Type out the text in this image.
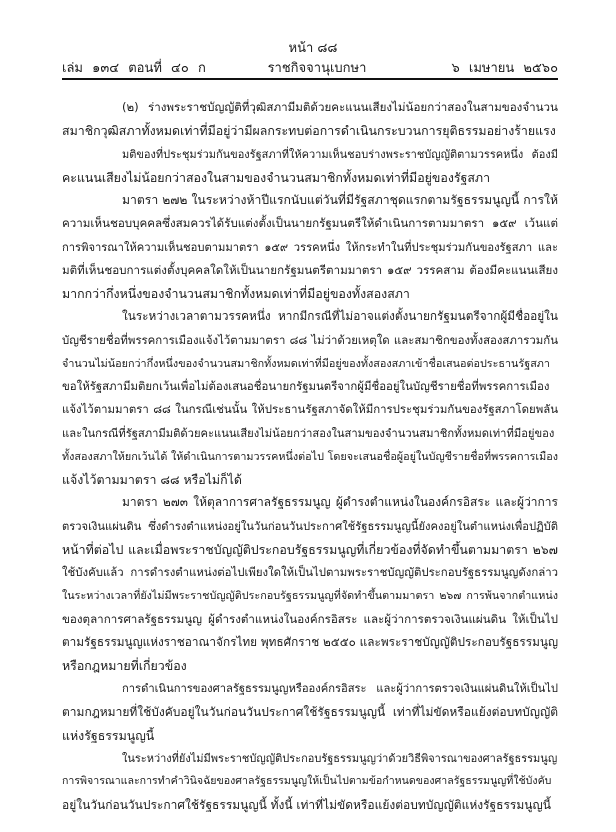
หน้า ๘๘
เล่ม ๑๓๔ ตอนที่ ๔๐ ก	ราชกิจจานุเบกษา	๖ เมษายน ๒๕๖๐
(๒) ร่างพระราชบัญญัติที่วุฒิสภามีมติด้วยคะแนนเสียงไม่น้อยกว่าสองในสามของจำนวน
สมาชิกวุฒิสภาทั้งหมดเท่าที่มีอยู่ว่ามีผลกระทบต่อการดำเนินกระบวนการยุติธรรมอย่างร้ายแรง
มติของที่ประชุมร่วมกันของรัฐสภาที่ให้ความเห็นชอบร่างพระราชบัญญัติตามวรรคหนึ่ง ต้องมี
คะแนนเสียงไม่น้อยกว่าสองในสามของจำนวนสมาชิกทั้งหมดเท่าที่มีอยู่ของรัฐสภา
มาตรา ๒๗๒ ในระหว่างห้าปีแรกนับแต่วันที่มีรัฐสภาชุดแรกตามรัฐธรรมนูญนี้ การให้
ความเห็นชอบบุคคลซึ่งสมควรได้รับแต่งตั้งเป็นนายกรัฐมนตรีให้ดำเนินการตามมาตรา ๑๕๙ เว้นแต่
การพิจารณาให้ความเห็นชอบตามมาตรา ๑๕๙ วรรคหนึ่ง ให้กระทำในที่ประชุมร่วมกันของรัฐสภา และ
มติที่เห็นชอบการแต่งตั้งบุคคลใดให้เป็นนายกรัฐมนตรีตามมาตรา ๑๕๙ วรรคสาม ต้องมีคะแนนเสียง
มากกว่ากึ่งหนึ่งของจำนวนสมาชิกทั้งหมดเท่าที่มีอยู่ของทั้งสองสภา
ในระหว่างเวลาตามวรรคหนึ่ง หากมีกรณีที่ไม่อาจแต่งตั้งนายกรัฐมนตรีจากผู้มีชื่ออยู่ใน
บัญชีรายชื่อที่พรรคการเมืองแจ้งไว้ตามมาตรา ๘๘ ไม่ว่าด้วยเหตุใด และสมาชิกของทั้งสองสภารวมกัน
จำนวนไม่น้อยกว่ากึ่งหนึ่งของจำนวนสมาชิกทั้งหมดเท่าที่มีอยู่ของทั้งสองสภาเข้าชื่อเสนอต่อประธานรัฐสภา
ขอให้รัฐสภามีมติยกเว้นเพื่อไม่ต้องเสนอชื่อนายกรัฐมนตรีจากผู้มีชื่ออยู่ในบัญชีรายชื่อที่พรรคการเมือง
แจ้งไว้ตามมาตรา ๘๘ ในกรณีเช่นนั้น ให้ประธานรัฐสภาจัดให้มีการประชุมร่วมกันของรัฐสภาโดยพลัน
และในกรณีที่รัฐสภามีมติด้วยคะแนนเสียงไม่น้อยกว่าสองในสามของจำนวนสมาชิกทั้งหมดเท่าที่มีอยู่ของ
ทั้งสองสภาให้ยกเว้นได้ ให้ดำเนินการตามวรรคหนึ่งต่อไป โดยจะเสนอชื่อผู้อยู่ในบัญชีรายชื่อที่พรรคการเมือง
แจ้งไว้ตามมาตรา ๘๘ หรือไม่ก็ได้
มาตรา ๒๗๓ ให้ตุลาการศาลรัฐธรรมนูญ ผู้ดำรงตำแหน่งในองค์กรอิสระ และผู้ว่าการ
ตรวจเงินแผ่นดิน ซึ่งดำรงตำแหน่งอยู่ในวันก่อนวันประกาศใช้รัฐธรรมนูญนี้ยังคงอยู่ในตำแหน่งเพื่อปฏิบัติ
หน้าที่ต่อไป และเมื่อพระราชบัญญัติประกอบรัฐธรรมนูญที่เกี่ยวข้องที่จัดทำขึ้นตามมาตรา ๒๖๗
ใช้บังคับแล้ว การดำรงตำแหน่งต่อไปเพียงใดให้เป็นไปตามพระราชบัญญัติประกอบรัฐธรรมนูญดังกล่าว
ในระหว่างเวลาที่ยังไม่มีพระราชบัญญัติประกอบรัฐธรรมนูญที่จัดทำขึ้นตามมาตรา ๒๖๗ การพ้นจากตำแหน่ง
ของตุลาการศาลรัฐธรรมนูญ ผู้ดำรงตำแหน่งในองค์กรอิสระ และผู้ว่าการตรวจเงินแผ่นดิน ให้เป็นไป
ตามรัฐธรรมนูญแห่งราชอาณาจักรไทย พุทธศักราช ๒๕๕๐ และพระราชบัญญัติประกอบรัฐธรรมนูญ
หรือกฎหมายที่เกี่ยวข้อง
การดำเนินการของศาลรัฐธรรมนูญหรือองค์กรอิสระ และผู้ว่าการตรวจเงินแผ่นดินให้เป็นไป
ตามกฎหมายที่ใช้บังคับอยู่ในวันก่อนวันประกาศใช้รัฐธรรมนูญนี้ เท่าที่ไม่ขัดหรือแย้งต่อบทบัญญัติ
แห่งรัฐธรรมนูญนี้
ในระหว่างที่ยังไม่มีพระราชบัญญัติประกอบรัฐธรรมนูญว่าด้วยวิธีพิจารณาของศาลรัฐธรรมนูญ
การพิจารณาและการทำคำวินิจฉัยของศาลรัฐธรรมนูญให้เป็นไปตามข้อกำหนดของศาลรัฐธรรมนูญที่ใช้บังคับ
อยู่ในวันก่อนวันประกาศใช้รัฐธรรมนูญนี้ ทั้งนี้ เท่าที่ไม่ขัดหรือแย้งต่อบทบัญญัติแห่งรัฐธรรมนูญนี้
